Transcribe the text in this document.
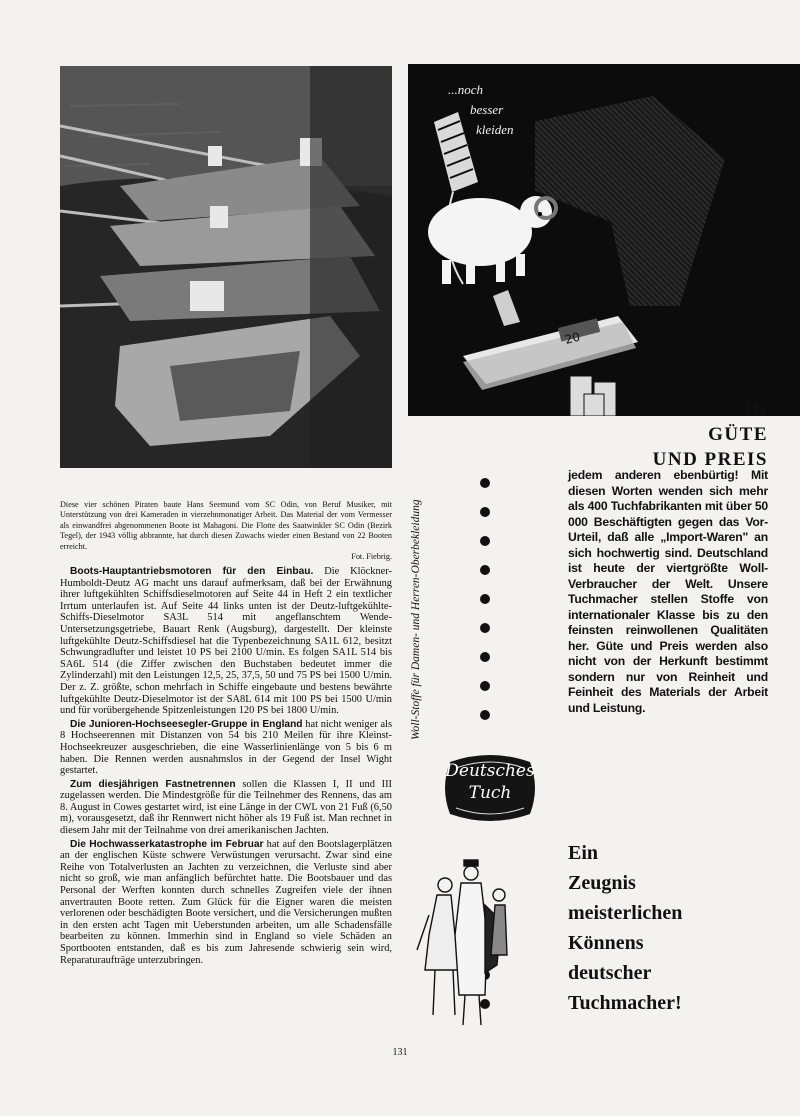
Diese vier schönen Piraten baute Hans Seemund vom SC Odin, von Beruf Musiker, mit Unterstützung von drei Kameraden in vierzehnmonatiger Arbeit. Das Material der vom Vermesser als einwandfrei abgenommenen Boote ist Mahagoni. Die Flotte des Saatwinkler SC Odin (Bezirk Tegel), der 1943 völlig abbrannte, hat durch diesen Zuwachs wieder einen Bestand von 22 Booten erreicht.
Fot. Fiebrig.

Boots-Hauptantriebsmotoren für den Einbau. Die Klöckner-Humboldt-Deutz AG macht uns darauf aufmerksam, daß bei der Erwähnung ihrer luftgekühlten Schiffsdieselmotoren auf Seite 44 in Heft 2 ein textlicher Irrtum unterlaufen ist. Auf Seite 44 links unten ist der Deutz-luftgekühlte-Schiffs-Dieselmotor SA3L 514 mit angeflanschtem Wende-Untersetzungsgetriebe, Bauart Renk (Augsburg), dargestellt. Der kleinste luftgekühlte Deutz-Schiffsdiesel hat die Typenbezeichnung SA1L 612, besitzt Schwungradlufter und leistet 10 PS bei 2100 U/min. Es folgen SA1L 514 bis SA6L 514 (die Ziffer zwischen den Buchstaben bedeutet immer die Zylinderzahl) mit den Leistungen 12,5, 25, 37,5, 50 und 75 PS bei 1500 U/min. Der z. Z. größte, schon mehrfach in Schiffe eingebaute und bestens bewährte luftgekühlte Deutz-Dieselmotor ist der SA8L 614 mit 100 PS bei 1500 U/min und für vorübergehende Spitzenleistungen 120 PS bei 1800 U/min.

Die Junioren-Hochseesegler-Gruppe in England hat nicht weniger als 8 Hochseerennen mit Distanzen von 54 bis 210 Meilen für ihre Kleinst-Hochseekreuzer ausgeschrieben, die eine Wasserlinienlänge von 5 bis 6 m haben. Die Rennen werden ausnahmslos in der Gegend der Insel Wight gestartet.

Zum diesjährigen Fastnetrennen sollen die Klassen I, II und III zugelassen werden. Die Mindestgröße für die Teilnehmer des Rennens, das am 8. August in Cowes gestartet wird, ist eine Länge in der CWL von 21 Fuß (6,50 m), vorausgesetzt, daß ihr Rennwert nicht höher als 19 Fuß ist. Man rechnet in diesem Jahr mit der Teilnahme von drei amerikanischen Jachten.

Die Hochwasserkatastrophe im Februar hat auf den Bootslagerplätzen an der englischen Küste schwere Verwüstungen verursacht. Zwar sind eine Reihe von Totalverlusten an Jachten zu verzeichnen, die Verluste sind aber nicht so groß, wie man anfänglich befürchtet hatte. Die Bootsbauer und das Personal der Werften konnten durch schnelles Zugreifen viele der ihnen anvertrauten Boote retten. Zum Glück für die Eigner waren die meisten verlorenen oder beschädigten Boote versichert, und die Versicherungen mußten in den ersten acht Tagen mit Ueberstunden arbeiten, um alle Schadensfälle bearbeiten zu können. Immerhin sind in England so viele Schäden an Sportbooten entstanden, daß es bis zum Jahresende schwierig sein wird, Reparaturaufträge unterzubringen.

131
20
...noch
besser
kleiden
IN
GÜTE
UND PREIS
Woll-Stoffe für Damen- und Herren-Oberbekleidung
jedem anderen ebenbürtig! Mit diesen Worten wenden sich mehr als 400 Tuchfabrikanten mit über 50 000 Beschäftigten gegen das Vor-Urteil, daß alle „Import-Waren" an sich hochwertig sind. Deutschland ist heute der viertgrößte Woll-Verbraucher der Welt. Unsere Tuchmacher stellen Stoffe von internationaler Klasse bis zu den feinsten reinwollenen Qualitäten her. Güte und Preis werden also nicht von der Herkunft bestimmt sondern nur von Reinheit und Feinheit des Materials der Arbeit und Leistung.
Deutsches
Tuch
Ein
Zeugnis
meisterlichen
Könnens
deutscher
Tuchmacher!
